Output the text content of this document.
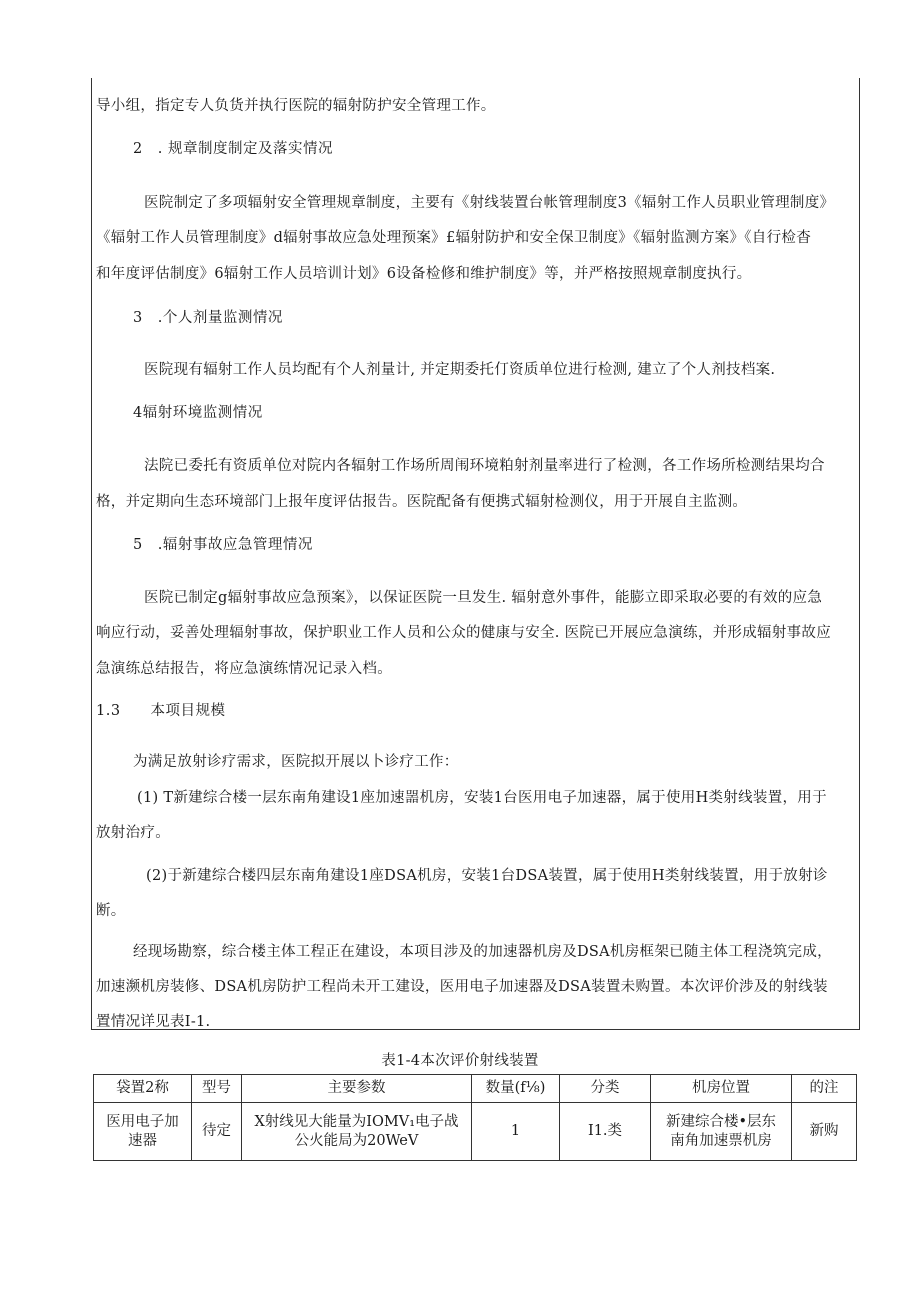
导小组，指定专人负货并执行医院的辐射防护安全管理工作。
2　. 规章制度制定及落实情况
医院制定了多项辐射安全管理规章制度，主要有《射线装置台帐管理制度3《辐射工作人员职业管理制度》
《辐射工作人员管理制度》d辐射事故应急处理预案》£辐射防护和安全保卫制度》《辐射监测方案》《自行检杳
和年度评估制度》6辐射工作人员培训计划》6设备检修和维护制度》等，并严格按照规章制度执行。
3　.个人剂量监测情况
医院现有辐射工作人员均配有个人剂量计, 并定期委托仃资质单位进行检测, 建立了个人剂技档案.
4辐射环境监测情况
法院已委托有资质单位对院内各辐射工作场所周闱环境粕射剂量率进行了检测，各工作场所检测结果均合
格，并定期向生态环境部门上报年度评估报告。医院配备有便携式辐射检测仪，用于开展自主监测。
5　.辐射事故应急管理情况
医院已制定g辐射事故应急预案》，以保证医院一旦发生. 辐射意外事件，能膨立即采取必要的有效的应急
响应行动，妥善处理辐射事故，保护职业工作人员和公众的健康与安全. 医院已开展应急演练，并形成辐射事故应
急演练总结报告，将应急演练情况记录入档。
1.3　　本项目规模
为满足放射诊疗需求，医院拟开展以卜诊疗工作：
(1) T新建综合楼一层东南角建设1座加速噐机房，安装1台医用电子加速器，属于使用H类射线装置，用于
放射治疗。
(2)于新建综合楼四层东南角建设1座DSA机房，安装1台DSA装置，属于使用H类射线装置，用于放射诊
断。
经现场勘察，综合楼主体工程正在建设，本项目涉及的加速器机房及DSA机房框架已随主体工程浇筑完成，
加速濒机房装修、DSA机房防护工程尚未开工建设，医用电子加速器及DSA装置未购置。本次评价涉及的射线装
置情况详见表I-1.
表1-4本次评价射线装置
袋置2称	型号	主要参数	数量(f⅛)	分类	机房位置	的注

医用电子加
速器	待定	X射线见大能量为IOMV₁电子战
公火能局为20WeV	1	I1.类	新建综合楼•层东
南角加速票机房	新购
